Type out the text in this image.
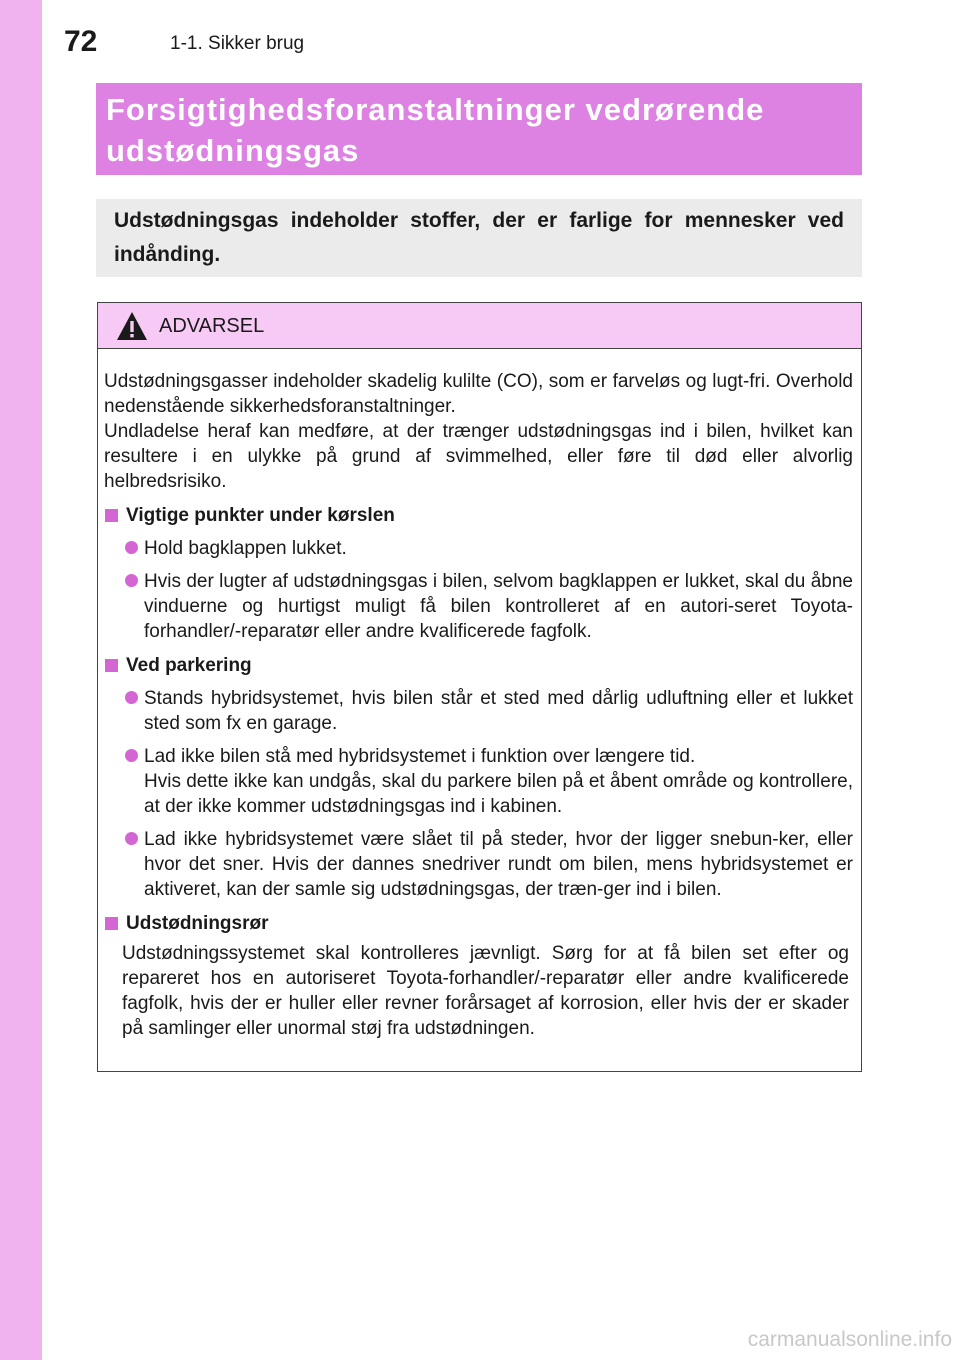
72	1-1. Sikker brug
Forsigtighedsforanstaltninger vedrørende udstødningsgas
Udstødningsgas indeholder stoffer, der er farlige for mennesker ved indånding.
ADVARSEL
Udstødningsgasser indeholder skadelig kulilte (CO), som er farveløs og lugt-fri. Overhold nedenstående sikkerhedsforanstaltninger.
Undladelse heraf kan medføre, at der trænger udstødningsgas ind i bilen, hvilket kan resultere i en ulykke på grund af svimmelhed, eller føre til død eller alvorlig helbredsrisiko.
Vigtige punkter under kørslen
Hold bagklappen lukket.
Hvis der lugter af udstødningsgas i bilen, selvom bagklappen er lukket, skal du åbne vinduerne og hurtigst muligt få bilen kontrolleret af en autori-seret Toyota-forhandler/-reparatør eller andre kvalificerede fagfolk.
Ved parkering
Stands hybridsystemet, hvis bilen står et sted med dårlig udluftning eller et lukket sted som fx en garage.
Lad ikke bilen stå med hybridsystemet i funktion over længere tid.
Hvis dette ikke kan undgås, skal du parkere bilen på et åbent område og kontrollere, at der ikke kommer udstødningsgas ind i kabinen.
Lad ikke hybridsystemet være slået til på steder, hvor der ligger snebun-ker, eller hvor det sner. Hvis der dannes snedriver rundt om bilen, mens hybridsystemet er aktiveret, kan der samle sig udstødningsgas, der træn-ger ind i bilen.
Udstødningsrør
Udstødningssystemet skal kontrolleres jævnligt. Sørg for at få bilen set efter og repareret hos en autoriseret Toyota-forhandler/-reparatør eller andre kvalificerede fagfolk, hvis der er huller eller revner forårsaget af korrosion, eller hvis der er skader på samlinger eller unormal støj fra udstødningen.
carmanualsonline.info
